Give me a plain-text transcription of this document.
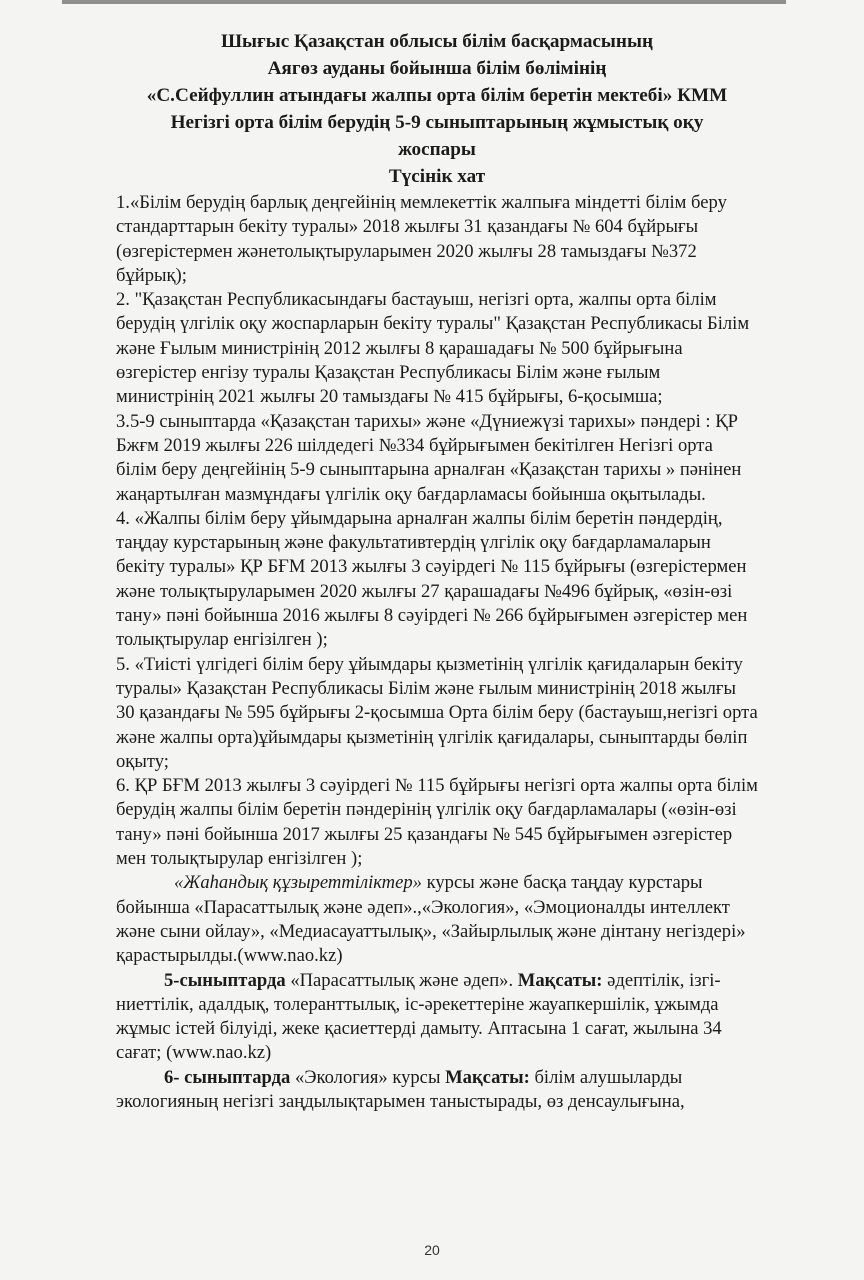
Шығыс Қазақстан облысы білім басқармасының

Аягөз ауданы бойынша білім бөлімінің

«С.Сейфуллин атындағы жалпы орта білім беретін мектебі» КММ

Негізгі орта білім берудің 5-9 сыныптарының жұмыстық оқу

жоспары

Түсінік хат

1.«Білім берудің барлық деңгейінің мемлекеттік жалпыға міндетті білім беру стандарттарын бекіту туралы» 2018 жылғы 31 қазандағы № 604 бұйрығы (өзгерістермен жәнетолықтыруларымен 2020 жылғы 28 тамыздағы №372 бұйрық);

2. "Қазақстан Республикасындағы бастауыш, негізгі орта, жалпы орта білім берудің үлгілік оқу жоспарларын бекіту туралы" Қазақстан Республикасы Білім және Ғылым министрінің 2012 жылғы 8 қарашадағы № 500 бұйрығына өзгерістер енгізу туралы Қазақстан Республикасы Білім және ғылым министрінің 2021 жылғы 20 тамыздағы № 415 бұйрығы, 6-қосымша;

3.5-9 сыныптарда «Қазақстан тарихы» және «Дүниежүзі тарихы» пәндері : ҚР Бжғм 2019 жылғы 226 шілдедегі №334 бұйрығымен бекітілген Негізгі орта білім беру деңгейінің 5-9 сыныптарына арналған «Қазақстан тарихы » пәнінен жаңартылған мазмұндағы үлгілік оқу бағдарламасы бойынша оқытылады.

4. «Жалпы білім беру ұйымдарына арналған жалпы білім беретін пәндердің, таңдау курстарының және факультативтердің үлгілік оқу бағдарламаларын бекіту туралы» ҚР БҒМ 2013 жылғы 3 сәуірдегі № 115 бұйрығы (өзгерістермен және толықтыруларымен 2020 жылғы 27 қарашадағы №496 бұйрық, «өзін-өзі тану» пәні бойынша 2016 жылғы 8 сәуірдегі № 266 бұйрығымен әзгерістер мен толықтырулар енгізілген );

5. «Тиісті үлгідегі білім беру ұйымдары қызметінің үлгілік қағидаларын бекіту туралы» Қазақстан Республикасы Білім және ғылым министрінің 2018 жылғы 30 қазандағы № 595 бұйрығы 2-қосымша Орта білім беру (бастауыш,негізгі орта және жалпы орта)ұйымдары қызметінің үлгілік қағидалары, сыныптарды бөліп оқыту;

6. ҚР БҒМ 2013 жылғы 3 сәуірдегі № 115 бұйрығы негізгі орта жалпы орта білім берудің жалпы білім беретін пәндерінің үлгілік оқу бағдарламалары («өзін-өзі тану» пәні бойынша 2017 жылғы 25 қазандағы № 545 бұйрығымен әзгерістер мен толықтырулар енгізілген );

«Жаһандық құзыреттіліктер» курсы және басқа таңдау курстары бойынша «Парасаттылық және әдеп».,«Экология», «Эмоционалды интеллект және сыни ойлау», «Медиасауаттылық», «Зайырлылық және дінтану негіздері» қарастырылды.(www.nao.kz)

5-сыныптарда «Парасаттылық және әдеп». Мақсаты: әдептілік, ізгі-ниеттілік, адалдық, толеранттылық, іс-әрекеттеріне жауапкершілік, ұжымда жұмыс істей білуіді, жеке қасиеттерді дамыту. Аптасына 1 сағат, жылына 34 сағат; (www.nao.kz)

6- сыныптарда «Экология» курсы Мақсаты: білім алушыларды экологияның негізгі заңдылықтарымен таныстырады, өз денсаулығына,

20
